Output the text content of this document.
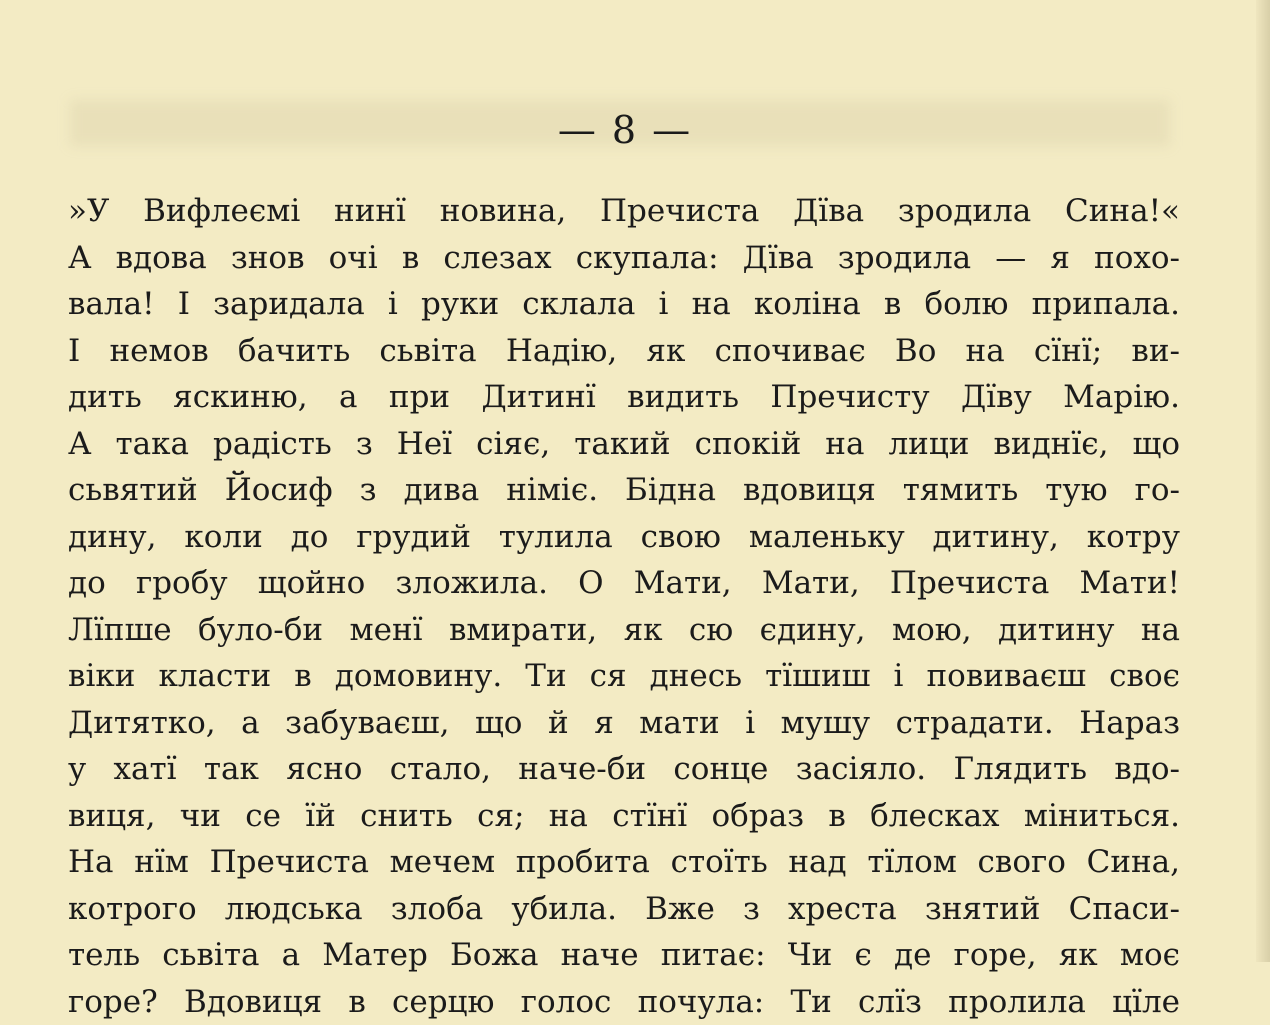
— 8 —
»У Вифлеємі нинї новина, Пречиста Дїва зродила Сина!«
А вдова знов очі в слезах скупала: Дїва зродила — я похо-
вала! І заридала і руки склала і на коліна в болю припала.
І немов бачить сьвіта Надію, як спочиває Во на сїнї; ви-
дить яскиню, а при Дитинї видить Пречисту Дїву Марію.
А така радість з Неї сіяє, такий спокій на лици виднїє, що
сьвятий Йосиф з дива німіє. Бідна вдовиця тямить тую го-
дину, коли до грудий тулила свою маленьку дитину, котру
до гробу щойно зложила. О Мати, Мати, Пречиста Мати!
Лїпше було-би менї вмирати, як сю єдину, мою, дитину на
віки класти в домовину. Ти ся днесь тїшиш і повиваєш своє
Дитятко, а забуваєш, що й я мати і мушу страдати. Нараз
у хатї так ясно стало, наче-би сонце засіяло. Глядить вдо-
виця, чи се їй снить ся; на стїнї образ в блесках міниться.
На нїм Пречиста мечем пробита стоїть над тїлом свого Сина,
котрого людська злоба убила. Вже з хреста знятий Спаси-
тель сьвіта а Матер Божа наче питає: Чи є де горе, як моє
горе? Вдовиця в серцю голос почула: Ти слїз пролила цїле
